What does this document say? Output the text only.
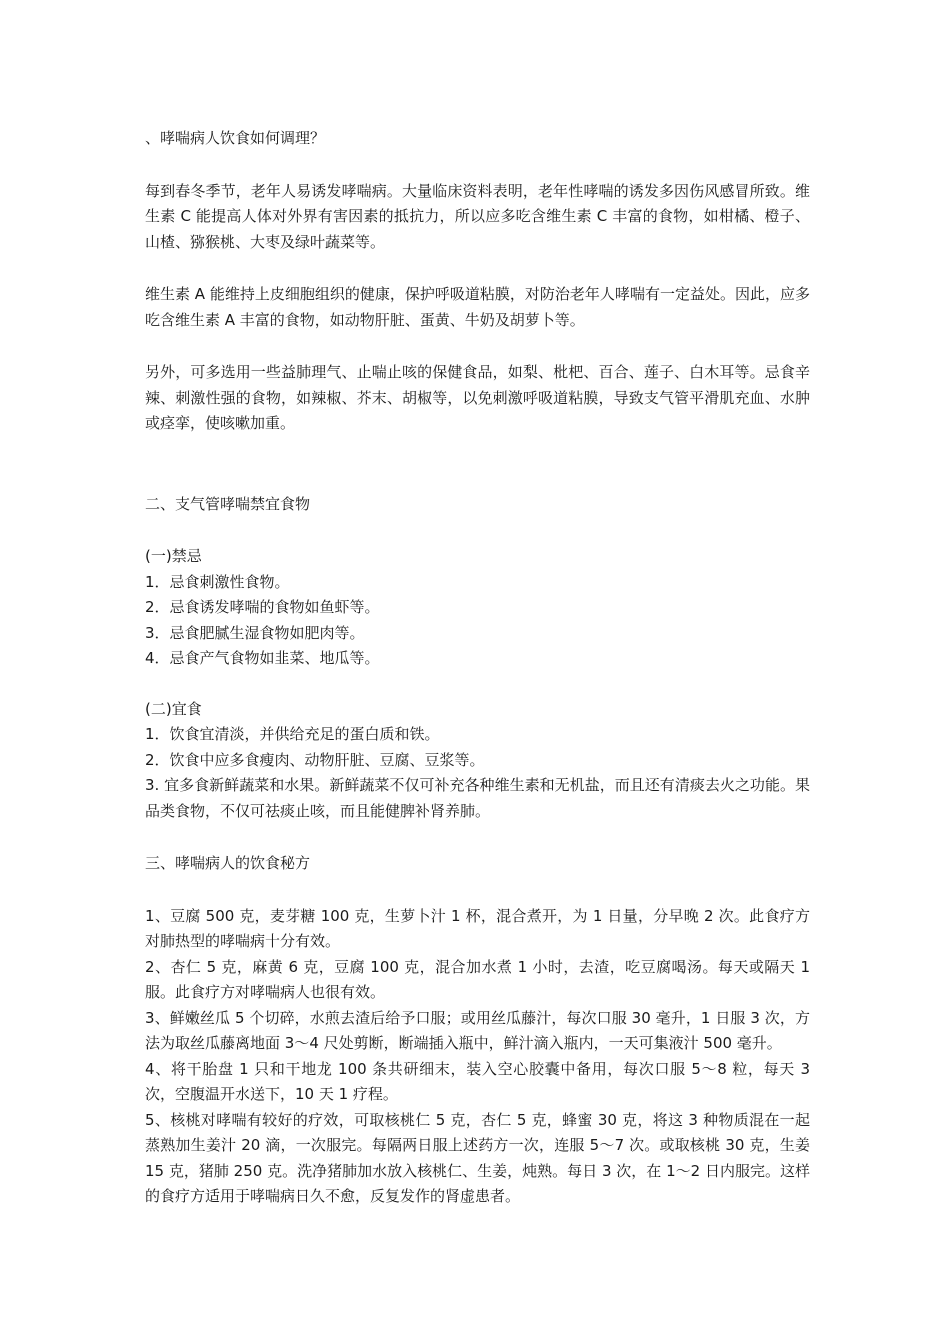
、哮喘病人饮食如何调理？

每到春冬季节，老年人易诱发哮喘病。大量临床资料表明，老年性哮喘的诱发多因伤风感冒所致。维生素 C 能提高人体对外界有害因素的抵抗力，所以应多吃含维生素 C 丰富的食物，如柑橘、橙子、山楂、猕猴桃、大枣及绿叶蔬菜等。

维生素 A 能维持上皮细胞组织的健康，保护呼吸道粘膜，对防治老年人哮喘有一定益处。因此，应多吃含维生素 A 丰富的食物，如动物肝脏、蛋黄、牛奶及胡萝卜等。

另外，可多选用一些益肺理气、止喘止咳的保健食品，如梨、枇杷、百合、莲子、白木耳等。忌食辛辣、刺激性强的食物，如辣椒、芥末、胡椒等，以免刺激呼吸道粘膜，导致支气管平滑肌充血、水肿或痉挛，使咳嗽加重。

二、支气管哮喘禁宜食物

(一)禁忌

1．忌食刺激性食物。

2．忌食诱发哮喘的食物如鱼虾等。

3．忌食肥腻生湿食物如肥肉等。

4．忌食产气食物如韭菜、地瓜等。

(二)宜食

1．饮食宜清淡，并供给充足的蛋白质和铁。

2．饮食中应多食瘦肉、动物肝脏、豆腐、豆浆等。

3. 宜多食新鲜蔬菜和水果。新鲜蔬菜不仅可补充各种维生素和无机盐，而且还有清痰去火之功能。果品类食物，不仅可祛痰止咳，而且能健脾补肾养肺。

三、哮喘病人的饮食秘方

1、豆腐 500 克，麦芽糖 100 克，生萝卜汁 1 杯，混合煮开，为 1 日量，分早晚 2 次。此食疗方对肺热型的哮喘病十分有效。

2、杏仁 5 克，麻黄 6 克，豆腐 100 克，混合加水煮 1 小时，去渣，吃豆腐喝汤。每天或隔天 1 服。此食疗方对哮喘病人也很有效。

3、鲜嫩丝瓜 5 个切碎，水煎去渣后给予口服；或用丝瓜藤汁，每次口服 30 毫升，1 日服 3 次，方法为取丝瓜藤离地面 3～4 尺处剪断，断端插入瓶中，鲜汁滴入瓶内，一天可集液汁 500 毫升。

4、将干胎盘 1 只和干地龙 100 条共研细末，装入空心胶囊中备用，每次口服 5～8 粒，每天 3 次，空腹温开水送下，10 天 1 疗程。

5、核桃对哮喘有较好的疗效，可取核桃仁 5 克，杏仁 5 克，蜂蜜 30 克，将这 3 种物质混在一起蒸熟加生姜汁 20 滴，一次服完。每隔两日服上述药方一次，连服 5～7 次。或取核桃 30 克，生姜 15 克，猪肺 250 克。洗净猪肺加水放入核桃仁、生姜，炖熟。每日 3 次，在 1～2 日内服完。这样的食疗方适用于哮喘病日久不愈，反复发作的肾虚患者。
